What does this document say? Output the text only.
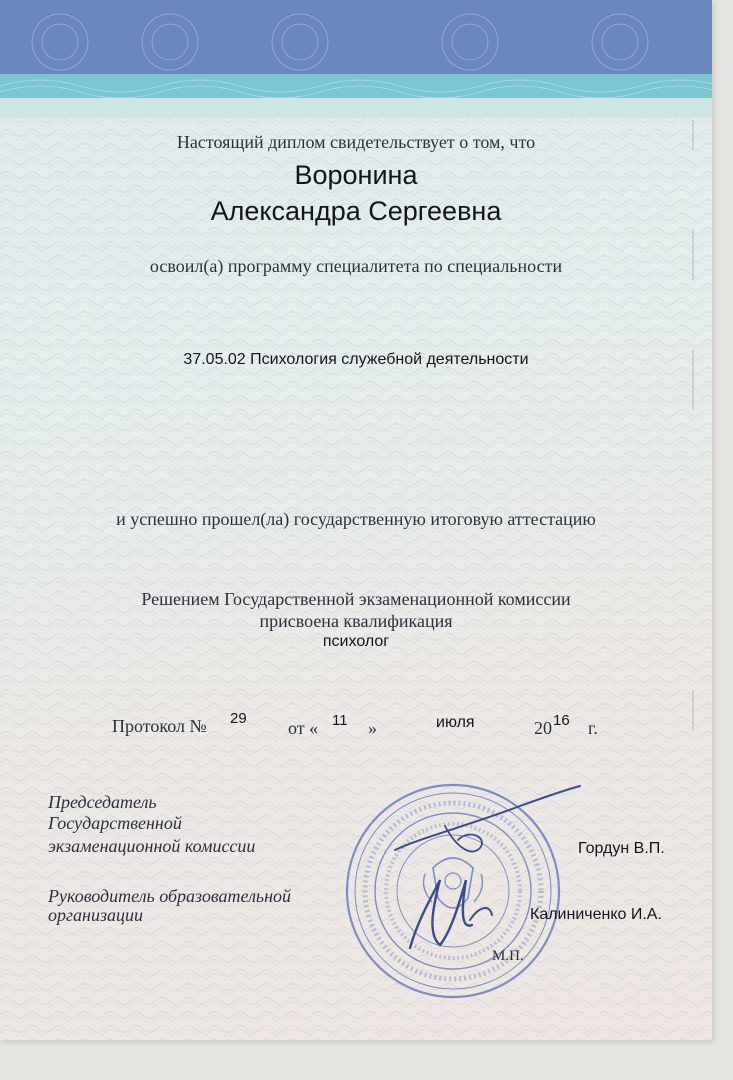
Настоящий диплом свидетельствует о том, что
Воронина
Александра Сергеевна
освоил(а) программу специалитета по специальности
37.05.02 Психология служебной деятельности
и успешно прошел(ла) государственную итоговую аттестацию
Решением Государственной экзаменационной комиссии
присвоена квалификация
психолог
Протокол № 29 от « 11 »	июля	20 16 г.
Председатель
Государственной
экзаменационной комиссии	Гордун В.П.
Руководитель образовательной
организации	Калиниченко И.А.
М.П.
